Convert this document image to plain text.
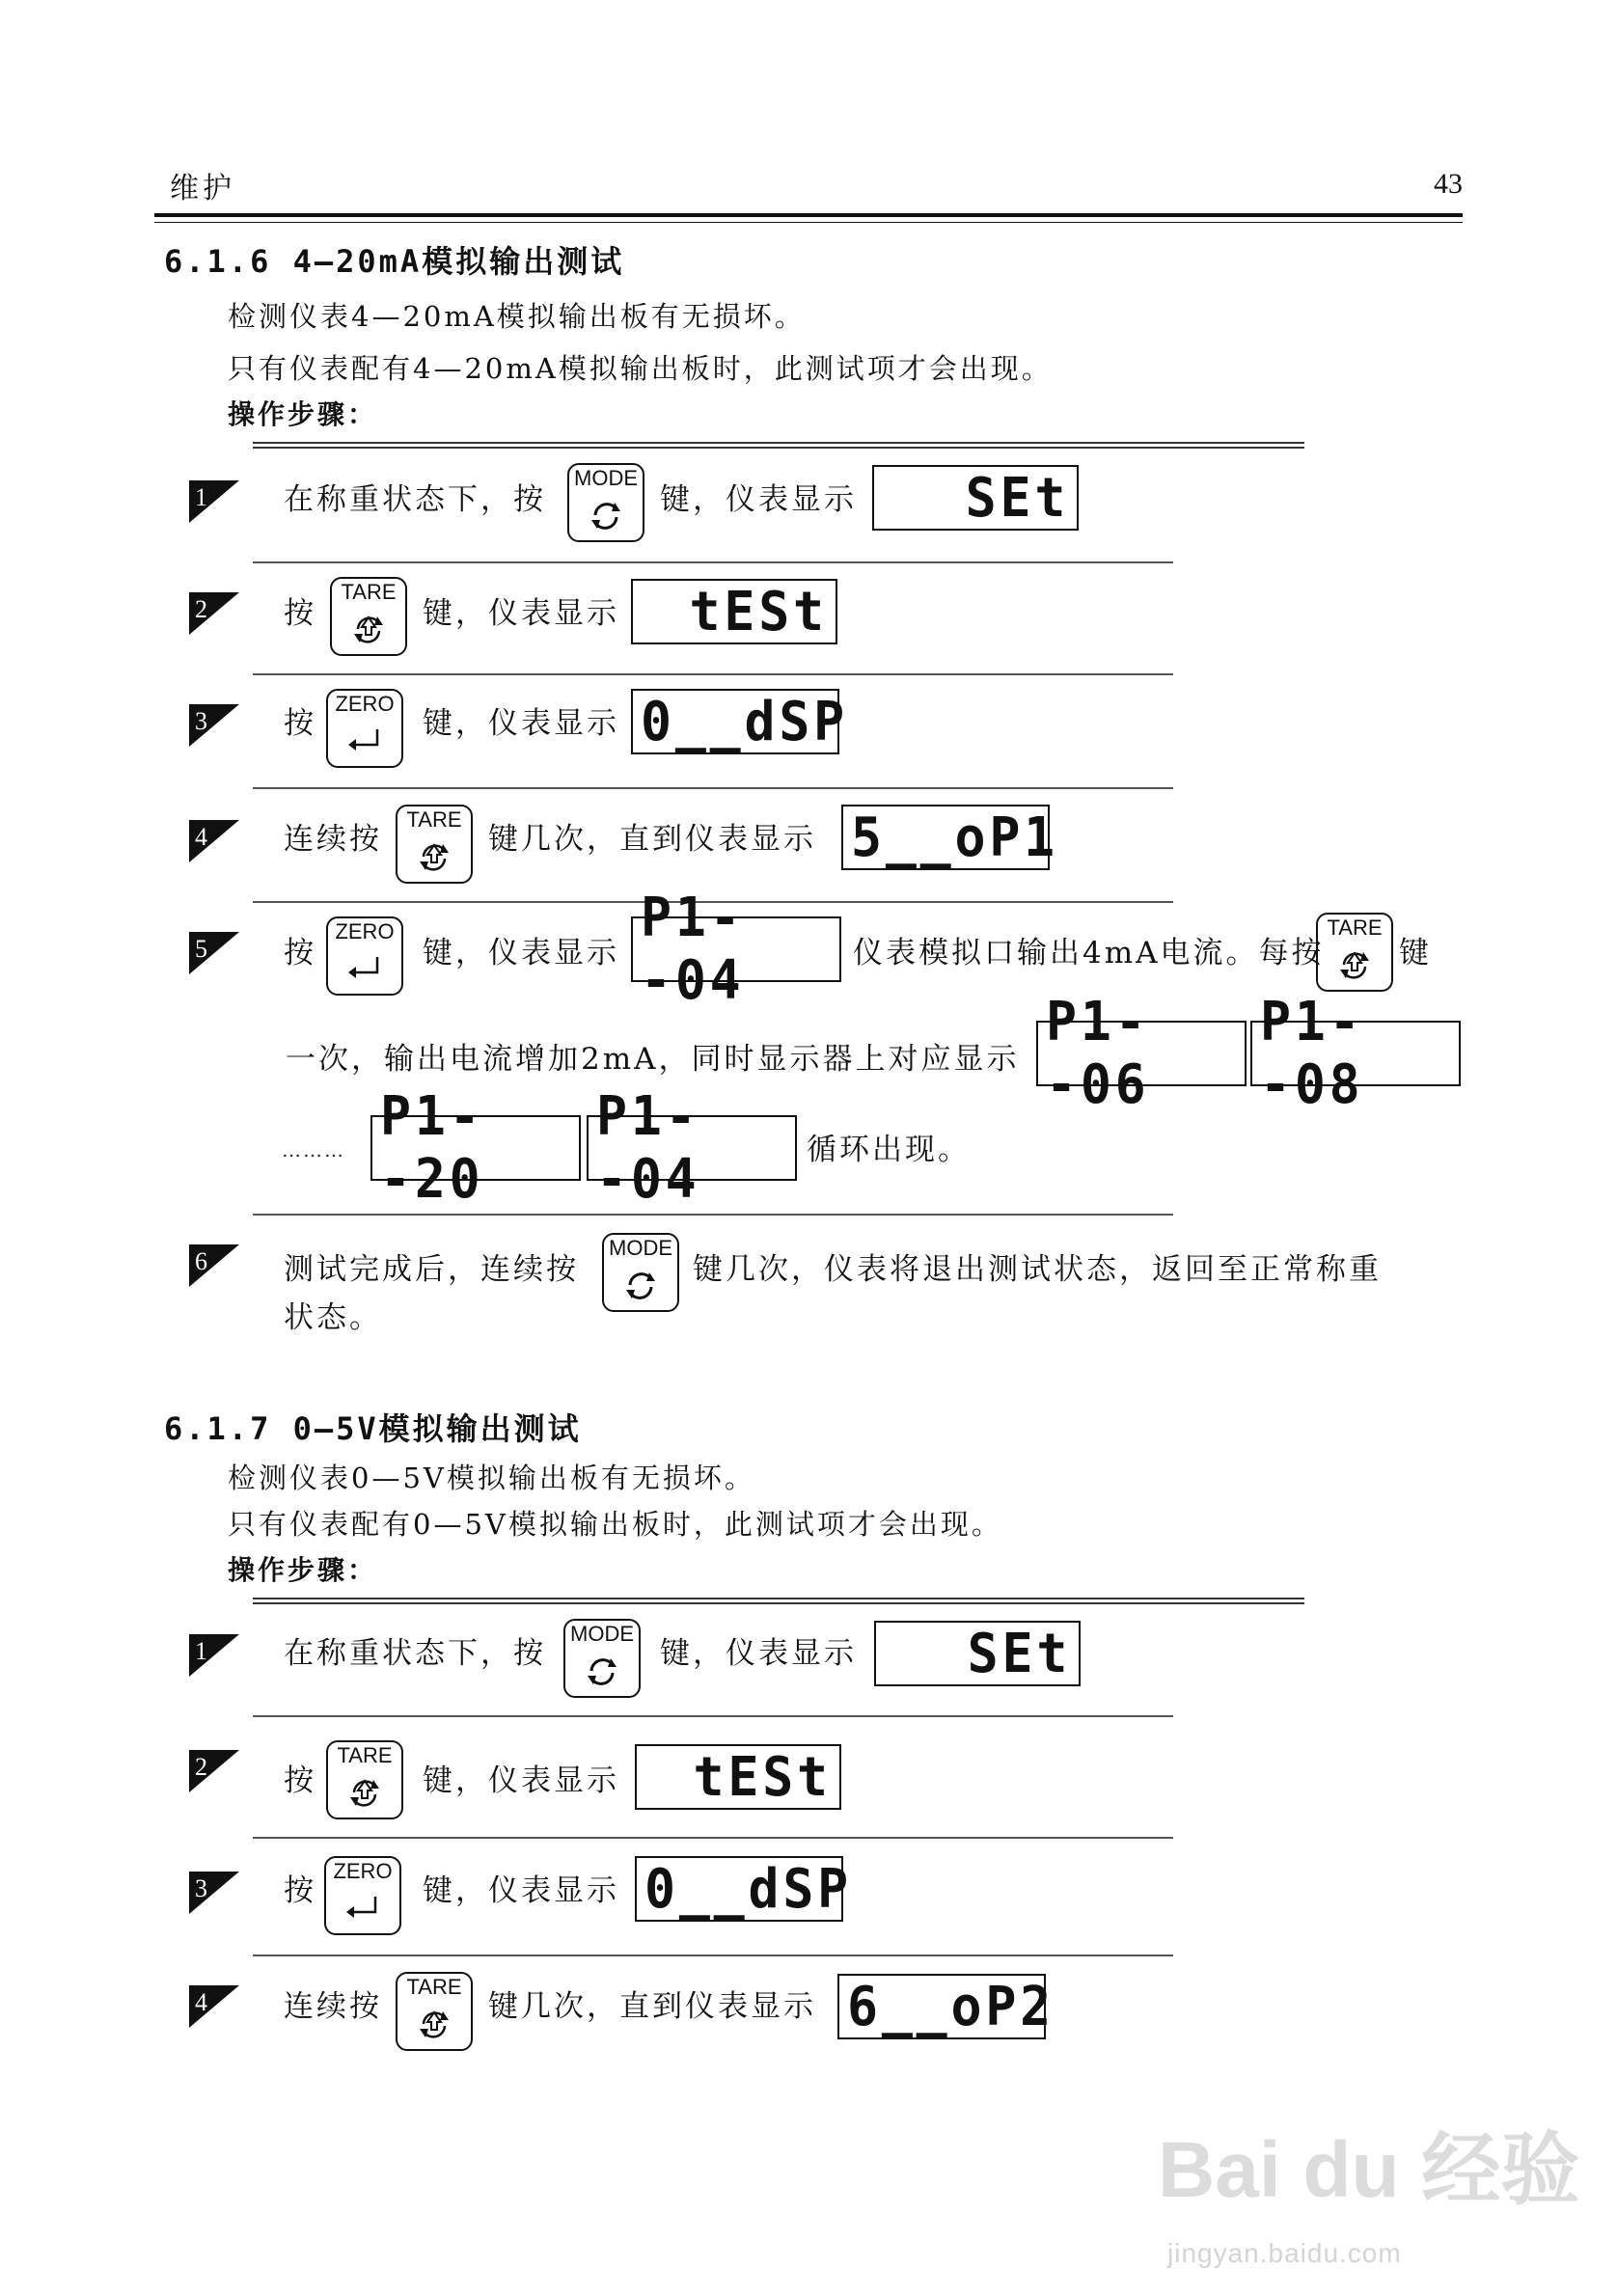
维护	43
6.1.6 4—20mA模拟输出测试
检测仪表4—20mA模拟输出板有无损坏。
只有仪表配有4—20mA模拟输出板时，此测试项才会出现。
操作步骤：
1	在称重状态下，按
MODE
键，仪表显示 SEt
2	按
TARE
键，仪表显示 tESt
3	按
ZERO
键，仪表显示 0__dSP
4	连续按
TARE
键几次，直到仪表显示 5__oP1
5	按
ZERO
键，仪表显示
P1--04	仪表模拟口输出4mA电流。每按
TARE
键
一次，输出电流增加2mA，同时显示器上对应显示
P1--06
P1--08
………
P1--20
P1--04	循环出现。
6	测试完成后，连续按
MODE
键几次，仪表将退出测试状态，返回至正常称重
状态。
6.1.7 0—5V模拟输出测试
检测仪表0—5V模拟输出板有无损坏。
只有仪表配有0—5V模拟输出板时，此测试项才会出现。
操作步骤：
1	在称重状态下，按
MODE
键，仪表显示 SEt
2	按
TARE
键，仪表显示 tESt
3	按
ZERO
键，仪表显示 0__dSP
4	连续按
TARE
键几次，直到仪表显示 6__oP2
Bai du 经验
jingyan.baidu.com
